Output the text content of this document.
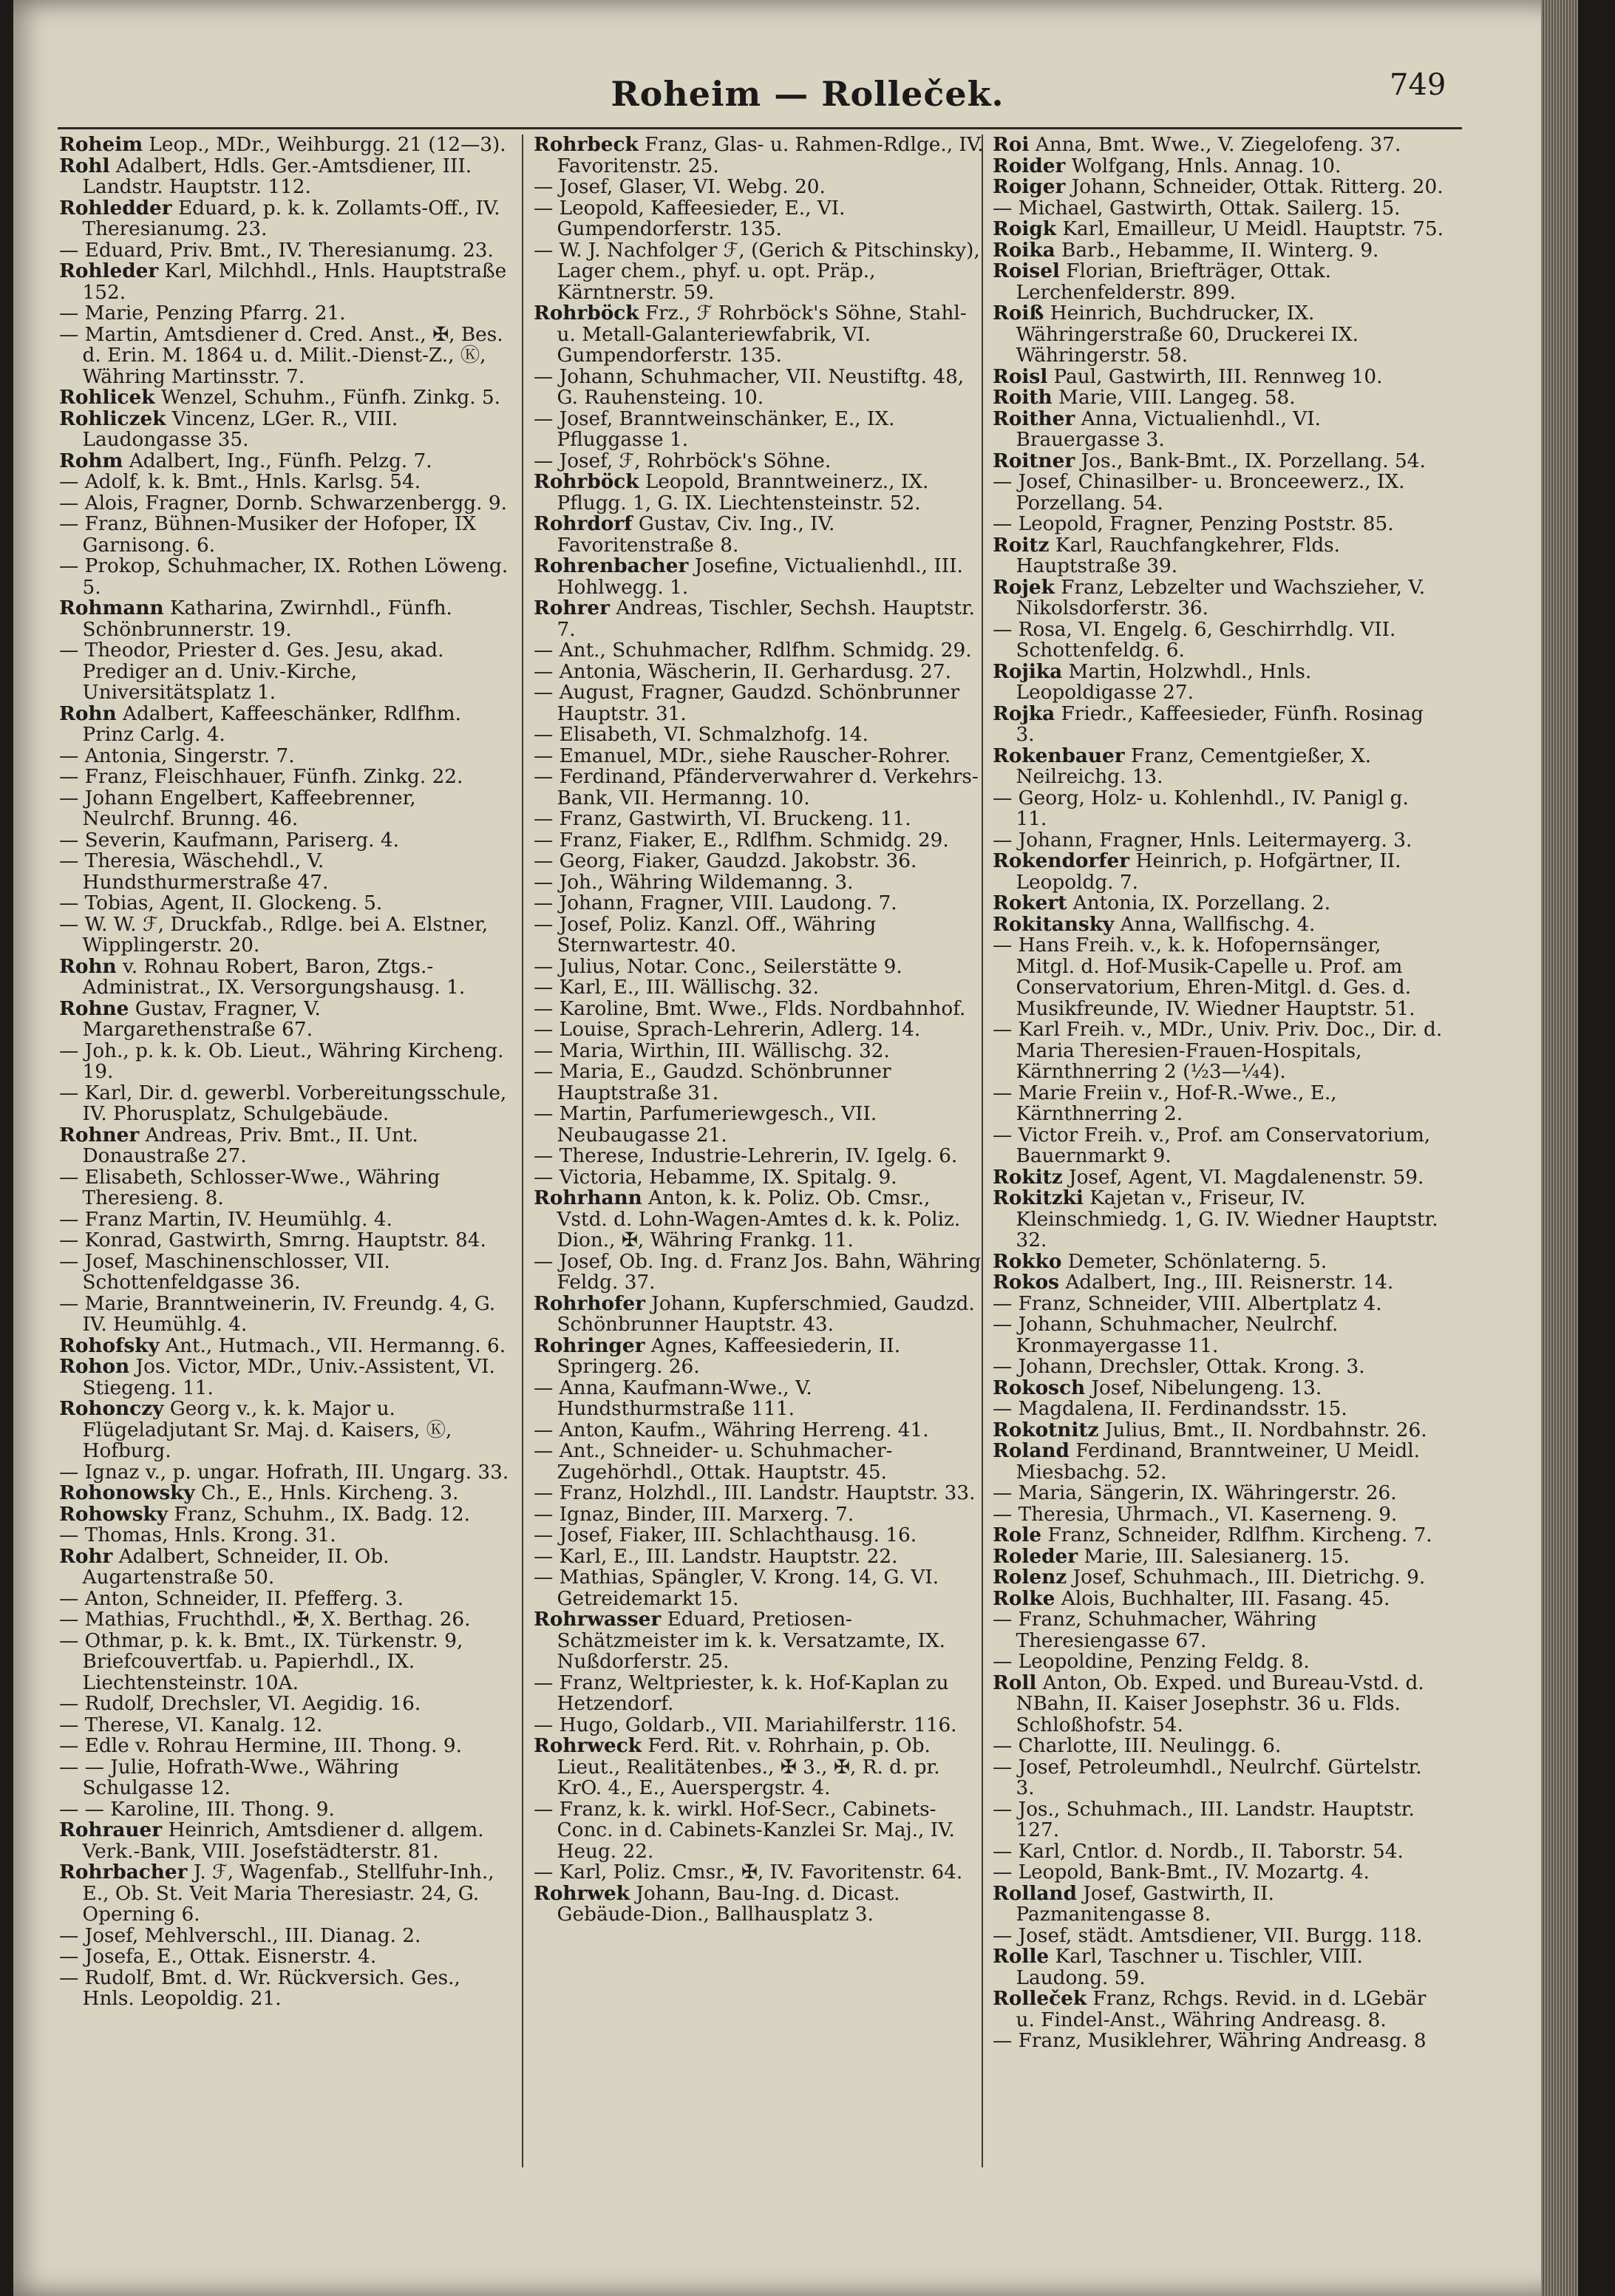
Roheim — Rolleček.	749

Roheim Leop., MDr., Weihburgg. 21 (12—3).

Rohl Adalbert, Hdls. Ger.-Amtsdiener, III. Landstr. Hauptstr. 112.

Rohledder Eduard, p. k. k. Zollamts-Off., IV. Theresianumg. 23.

— Eduard, Priv. Bmt., IV. Theresianumg. 23.

Rohleder Karl, Milchhdl., Hnls. Hauptstraße 152.

— Marie, Penzing Pfarrg. 21.

— Martin, Amtsdiener d. Cred. Anst., ✠, Bes. d. Erin. M. 1864 u. d. Milit.-Dienst-Z., Ⓚ, Währing Martinsstr. 7.

Rohlicek Wenzel, Schuhm., Fünfh. Zinkg. 5.

Rohliczek Vincenz, LGer. R., VIII. Laudongasse 35.

Rohm Adalbert, Ing., Fünfh. Pelzg. 7.

— Adolf, k. k. Bmt., Hnls. Karlsg. 54.

— Alois, Fragner, Dornb. Schwarzenbergg. 9.

— Franz, Bühnen-Musiker der Hofoper, IX Garnisong. 6.

— Prokop, Schuhmacher, IX. Rothen Löweng. 5.

Rohmann Katharina, Zwirnhdl., Fünfh. Schönbrunnerstr. 19.

— Theodor, Priester d. Ges. Jesu, akad. Prediger an d. Univ.-Kirche, Universitätsplatz 1.

Rohn Adalbert, Kaffeeschänker, Rdlfhm. Prinz Carlg. 4.

— Antonia, Singerstr. 7.

— Franz, Fleischhauer, Fünfh. Zinkg. 22.

— Johann Engelbert, Kaffeebrenner, Neulrchf. Brunng. 46.

— Severin, Kaufmann, Pariserg. 4.

— Theresia, Wäschehdl., V. Hundsthurmerstraße 47.

— Tobias, Agent, II. Glockeng. 5.

— W. W. ℱ, Druckfab., Rdlge. bei A. Elstner, Wipplingerstr. 20.

Rohn v. Rohnau Robert, Baron, Ztgs.-Administrat., IX. Versorgungshausg. 1.

Rohne Gustav, Fragner, V. Margarethenstraße 67.

— Joh., p. k. k. Ob. Lieut., Währing Kircheng. 19.

— Karl, Dir. d. gewerbl. Vorbereitungsschule, IV. Phorusplatz, Schulgebäude.

Rohner Andreas, Priv. Bmt., II. Unt. Donaustraße 27.

— Elisabeth, Schlosser-Wwe., Währing Theresieng. 8.

— Franz Martin, IV. Heumühlg. 4.

— Konrad, Gastwirth, Smrng. Hauptstr. 84.

— Josef, Maschinenschlosser, VII. Schottenfeldgasse 36.

— Marie, Branntweinerin, IV. Freundg. 4, G. IV. Heumühlg. 4.

Rohofsky Ant., Hutmach., VII. Hermanng. 6.

Rohon Jos. Victor, MDr., Univ.-Assistent, VI. Stiegeng. 11.

Rohonczy Georg v., k. k. Major u. Flügeladjutant Sr. Maj. d. Kaisers, Ⓚ, Hofburg.

— Ignaz v., p. ungar. Hofrath, III. Ungarg. 33.

Rohonowsky Ch., E., Hnls. Kircheng. 3.

Rohowsky Franz, Schuhm., IX. Badg. 12.

— Thomas, Hnls. Krong. 31.

Rohr Adalbert, Schneider, II. Ob. Augartenstraße 50.

— Anton, Schneider, II. Pfefferg. 3.

— Mathias, Fruchthdl., ✠, X. Berthag. 26.

— Othmar, p. k. k. Bmt., IX. Türkenstr. 9, Briefcouvertfab. u. Papierhdl., IX. Liechtensteinstr. 10A.

— Rudolf, Drechsler, VI. Aegidig. 16.

— Therese, VI. Kanalg. 12.

— Edle v. Rohrau Hermine, III. Thong. 9.

— — Julie, Hofrath-Wwe., Währing Schulgasse 12.

— — Karoline, III. Thong. 9.

Rohrauer Heinrich, Amtsdiener d. allgem. Verk.-Bank, VIII. Josefstädterstr. 81.

Rohrbacher J. ℱ, Wagenfab., Stellfuhr-Inh., E., Ob. St. Veit Maria Theresiastr. 24, G. Operning 6.

— Josef, Mehlverschl., III. Dianag. 2.

— Josefa, E., Ottak. Eisnerstr. 4.

— Rudolf, Bmt. d. Wr. Rückversich. Ges., Hnls. Leopoldig. 21.

Rohrbeck Franz, Glas- u. Rahmen-Rdlge., IV. Favoritenstr. 25.

— Josef, Glaser, VI. Webg. 20.

— Leopold, Kaffeesieder, E., VI. Gumpendorferstr. 135.

— W. J. Nachfolger ℱ, (Gerich & Pitschinsky), Lager chem., phyf. u. opt. Präp., Kärntnerstr. 59.

Rohrböck Frz., ℱ Rohrböck's Söhne, Stahl- u. Metall-Galanteriewfabrik, VI. Gumpendorferstr. 135.

— Johann, Schuhmacher, VII. Neustiftg. 48, G. Rauhensteing. 10.

— Josef, Branntweinschänker, E., IX. Pfluggasse 1.

— Josef, ℱ, Rohrböck's Söhne.

Rohrböck Leopold, Branntweinerz., IX. Pflugg. 1, G. IX. Liechtensteinstr. 52.

Rohrdorf Gustav, Civ. Ing., IV. Favoritenstraße 8.

Rohrenbacher Josefine, Victualienhdl., III. Hohlwegg. 1.

Rohrer Andreas, Tischler, Sechsh. Hauptstr. 7.

— Ant., Schuhmacher, Rdlfhm. Schmidg. 29.

— Antonia, Wäscherin, II. Gerhardusg. 27.

— August, Fragner, Gaudzd. Schönbrunner Hauptstr. 31.

— Elisabeth, VI. Schmalzhofg. 14.

— Emanuel, MDr., siehe Rauscher-Rohrer.

— Ferdinand, Pfänderverwahrer d. Verkehrs-Bank, VII. Hermanng. 10.

— Franz, Gastwirth, VI. Bruckeng. 11.

— Franz, Fiaker, E., Rdlfhm. Schmidg. 29.

— Georg, Fiaker, Gaudzd. Jakobstr. 36.

— Joh., Währing Wildemanng. 3.

— Johann, Fragner, VIII. Laudong. 7.

— Josef, Poliz. Kanzl. Off., Währing Sternwartestr. 40.

— Julius, Notar. Conc., Seilerstätte 9.

— Karl, E., III. Wällischg. 32.

— Karoline, Bmt. Wwe., Flds. Nordbahnhof.

— Louise, Sprach-Lehrerin, Adlerg. 14.

— Maria, Wirthin, III. Wällischg. 32.

— Maria, E., Gaudzd. Schönbrunner Hauptstraße 31.

— Martin, Parfumeriewgesch., VII. Neubaugasse 21.

— Therese, Industrie-Lehrerin, IV. Igelg. 6.

— Victoria, Hebamme, IX. Spitalg. 9.

Rohrhann Anton, k. k. Poliz. Ob. Cmsr., Vstd. d. Lohn-Wagen-Amtes d. k. k. Poliz. Dion., ✠, Währing Frankg. 11.

— Josef, Ob. Ing. d. Franz Jos. Bahn, Währing Feldg. 37.

Rohrhofer Johann, Kupferschmied, Gaudzd. Schönbrunner Hauptstr. 43.

Rohringer Agnes, Kaffeesiederin, II. Springerg. 26.

— Anna, Kaufmann-Wwe., V. Hundsthurmstraße 111.

— Anton, Kaufm., Währing Herreng. 41.

— Ant., Schneider- u. Schuhmacher-Zugehörhdl., Ottak. Hauptstr. 45.

— Franz, Holzhdl., III. Landstr. Hauptstr. 33.

— Ignaz, Binder, III. Marxerg. 7.

— Josef, Fiaker, III. Schlachthausg. 16.

— Karl, E., III. Landstr. Hauptstr. 22.

— Mathias, Spängler, V. Krong. 14, G. VI. Getreidemarkt 15.

Rohrwasser Eduard, Pretiosen-Schätzmeister im k. k. Versatzamte, IX. Nußdorferstr. 25.

— Franz, Weltpriester, k. k. Hof-Kaplan zu Hetzendorf.

— Hugo, Goldarb., VII. Mariahilferstr. 116.

Rohrweck Ferd. Rit. v. Rohrhain, p. Ob. Lieut., Realitätenbes., ✠ 3., ✠, R. d. pr. KrO. 4., E., Auerspergstr. 4.

— Franz, k. k. wirkl. Hof-Secr., Cabinets-Conc. in d. Cabinets-Kanzlei Sr. Maj., IV. Heug. 22.

— Karl, Poliz. Cmsr., ✠, IV. Favoritenstr. 64.

Rohrwek Johann, Bau-Ing. d. Dicast. Gebäude-Dion., Ballhausplatz 3.

Roi Anna, Bmt. Wwe., V. Ziegelofeng. 37.

Roider Wolfgang, Hnls. Annag. 10.

Roiger Johann, Schneider, Ottak. Ritterg. 20.

— Michael, Gastwirth, Ottak. Sailerg. 15.

Roigk Karl, Emailleur, U Meidl. Hauptstr. 75.

Roika Barb., Hebamme, II. Winterg. 9.

Roisel Florian, Briefträger, Ottak. Lerchenfelderstr. 899.

Roiß Heinrich, Buchdrucker, IX. Währingerstraße 60, Druckerei IX. Währingerstr. 58.

Roisl Paul, Gastwirth, III. Rennweg 10.

Roith Marie, VIII. Langeg. 58.

Roither Anna, Victualienhdl., VI. Brauergasse 3.

Roitner Jos., Bank-Bmt., IX. Porzellang. 54.

— Josef, Chinasilber- u. Bronceewerz., IX. Porzellang. 54.

— Leopold, Fragner, Penzing Poststr. 85.

Roitz Karl, Rauchfangkehrer, Flds. Hauptstraße 39.

Rojek Franz, Lebzelter und Wachszieher, V. Nikolsdorferstr. 36.

— Rosa, VI. Engelg. 6, Geschirrhdlg. VII. Schottenfeldg. 6.

Rojika Martin, Holzwhdl., Hnls. Leopoldigasse 27.

Rojka Friedr., Kaffeesieder, Fünfh. Rosinag 3.

Rokenbauer Franz, Cementgießer, X. Neilreichg. 13.

— Georg, Holz- u. Kohlenhdl., IV. Panigl g. 11.

— Johann, Fragner, Hnls. Leitermayerg. 3.

Rokendorfer Heinrich, p. Hofgärtner, II. Leopoldg. 7.

Rokert Antonia, IX. Porzellang. 2.

Rokitansky Anna, Wallfischg. 4.

— Hans Freih. v., k. k. Hofopernsänger, Mitgl. d. Hof-Musik-Capelle u. Prof. am Conservatorium, Ehren-Mitgl. d. Ges. d. Musikfreunde, IV. Wiedner Hauptstr. 51.

— Karl Freih. v., MDr., Univ. Priv. Doc., Dir. d. Maria Theresien-Frauen-Hospitals, Kärnthnerring 2 (½3—¼4).

— Marie Freiin v., Hof-R.-Wwe., E., Kärnthnerring 2.

— Victor Freih. v., Prof. am Conservatorium, Bauernmarkt 9.

Rokitz Josef, Agent, VI. Magdalenenstr. 59.

Rokitzki Kajetan v., Friseur, IV. Kleinschmiedg. 1, G. IV. Wiedner Hauptstr. 32.

Rokko Demeter, Schönlaterng. 5.

Rokos Adalbert, Ing., III. Reisnerstr. 14.

— Franz, Schneider, VIII. Albertplatz 4.

— Johann, Schuhmacher, Neulrchf. Kronmayergasse 11.

— Johann, Drechsler, Ottak. Krong. 3.

Rokosch Josef, Nibelungeng. 13.

— Magdalena, II. Ferdinandsstr. 15.

Rokotnitz Julius, Bmt., II. Nordbahnstr. 26.

Roland Ferdinand, Branntweiner, U Meidl. Miesbachg. 52.

— Maria, Sängerin, IX. Währingerstr. 26.

— Theresia, Uhrmach., VI. Kaserneng. 9.

Role Franz, Schneider, Rdlfhm. Kircheng. 7.

Roleder Marie, III. Salesianerg. 15.

Rolenz Josef, Schuhmach., III. Dietrichg. 9.

Rolke Alois, Buchhalter, III. Fasang. 45.

— Franz, Schuhmacher, Währing Theresiengasse 67.

— Leopoldine, Penzing Feldg. 8.

Roll Anton, Ob. Exped. und Bureau-Vstd. d. NBahn, II. Kaiser Josephstr. 36 u. Flds. Schloßhofstr. 54.

— Charlotte, III. Neulingg. 6.

— Josef, Petroleumhdl., Neulrchf. Gürtelstr. 3.

— Jos., Schuhmach., III. Landstr. Hauptstr. 127.

— Karl, Cntlor. d. Nordb., II. Taborstr. 54.

— Leopold, Bank-Bmt., IV. Mozartg. 4.

Rolland Josef, Gastwirth, II. Pazmanitengasse 8.

— Josef, städt. Amtsdiener, VII. Burgg. 118.

Rolle Karl, Taschner u. Tischler, VIII. Laudong. 59.

Rolleček Franz, Rchgs. Revid. in d. LGebär u. Findel-Anst., Währing Andreasg. 8.

— Franz, Musiklehrer, Währing Andreasg. 8
